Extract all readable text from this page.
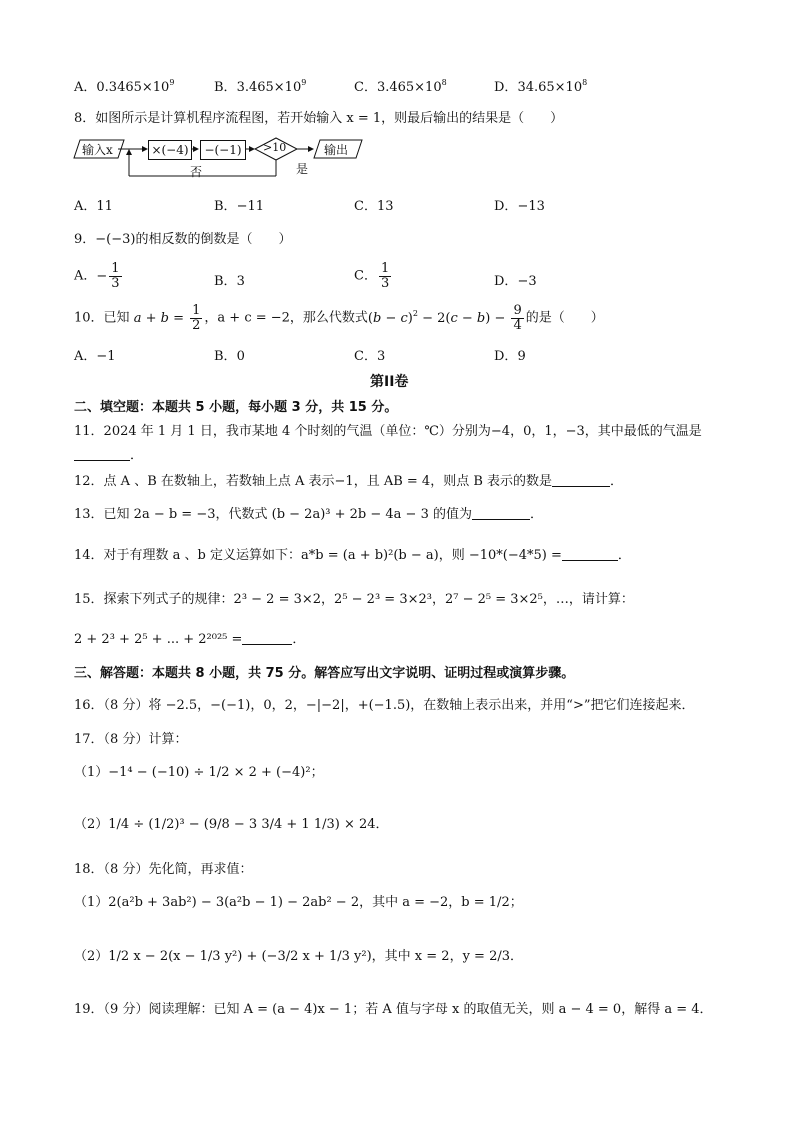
A．$0.3465\times 10^9$	B．$3.465\times 10^9$	C．$3.465\times 10^8$	D．$34.65\times 10^8$
8．如图所示是计算机程序流程图，若开始输入 x = 1，则最后输出的结果是（　　）
输入x	×(−4)	−(−1)	>10
是
否
输出
A．11	B．−11	C．13	D．−13
9．−(−3)的相反数的倒数是（　　）
A．− $\frac{1}{3}$	B．3	C． $\frac{1}{3}$	D．−3
10．已知 $a + b = \frac{1}{2}$ ，a + c = −2，那么代数式$(b - c)^2 - 2(c - b) - \frac{9}{4}$ 的是（　　）
A．−1	B．0	C．3	D．9
第II卷
二、填空题：本题共 5 小题，每小题 3 分，共 15 分。
11．2024 年 1 月 1 日，我市某地 4 个时刻的气温（单位：℃）分别为−4，0，1，−3，其中最低的气温是
．
12．点 A 、B 在数轴上，若数轴上点 A 表示−1，且 AB = 4，则点 B 表示的数是	．
13．已知 2a − b = −3，代数式 (b − 2a)³ + 2b − 4a − 3 的值为	．
14．对于有理数 a 、b 定义运算如下：a*b = (a + b)²(b − a)，则 −10*(−4*5) =	．
15．探索下列式子的规律：2³ − 2 = 3×2，2⁵ − 2³ = 3×2³，2⁷ − 2⁵ = 3×2⁵，…，请计算：
2 + 2³ + 2⁵ + ... + 2²⁰²⁵ =	．
三、解答题：本题共 8 小题，共 75 分。解答应写出文字说明、证明过程或演算步骤。
16．（8 分）将 −2.5，−(−1)，0，2，−|−2|，+(−1.5)，在数轴上表示出来，并用“>”把它们连接起来．
17．（8 分）计算：
（1）−1⁴ − (−10) ÷ 1/2 × 2 + (−4)²；
（2）1/4 ÷ (1/2)³ − (9/8 − 3 3/4 + 1 1/3) × 24．
18．（8 分）先化简，再求值：
（1）2(a²b + 3ab²) − 3(a²b − 1) − 2ab² − 2，其中 a = −2，b = 1/2；
（2）1/2 x − 2(x − 1/3 y²) + (−3/2 x + 1/3 y²)，其中 x = 2，y = 2/3．
19．（9 分）阅读理解：已知 A = (a − 4)x − 1；若 A 值与字母 x 的取值无关，则 a − 4 = 0，解得 a = 4．
